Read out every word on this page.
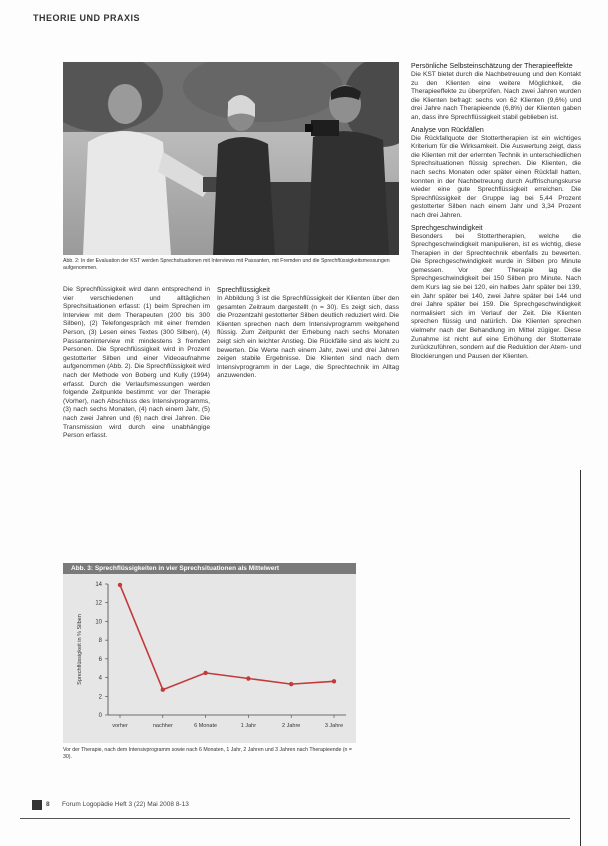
THEORIE UND PRAXIS
Abb. 2: In der Evaluation der KST werden Sprechsituationen mit Interviews mit Passanten, mit Fremden und die Sprechflüssigkeitsmessungen aufgenommen.

Die Sprechflüssigkeit wird dann entsprechend in vier verschiedenen und alltäglichen Sprechsituationen erfasst: (1) beim Sprechen im Interview mit dem Therapeuten (200 bis 300 Silben), (2) Telefongespräch mit einer fremden Person, (3) Lesen eines Textes (300 Silben), (4) Passanteninterview mit mindestens 3 fremden Personen. Die Sprechflüssigkeit wird in Prozent gestotterter Silben und einer Videoaufnahme aufgenommen (Abb. 2). Die Sprechflüssigkeit wird nach der Methode von Boberg und Kully (1994) erfasst. Durch die Verlaufsmessungen werden folgende Zeitpunkte bestimmt: vor der Therapie (Vorher), nach Abschluss des Intensivprogramms, (3) nach sechs Monaten, (4) nach einem Jahr, (5) nach zwei Jahren und (6) nach drei Jahren. Die Transmission wird durch eine unabhängige Person erfasst.

Sprechflüssigkeit

In Abbildung 3 ist die Sprechflüssigkeit der Klienten über den gesamten Zeitraum dargestellt (n = 30). Es zeigt sich, dass die Prozentzahl gestotterter Silben deutlich reduziert wird. Die Klienten sprechen nach dem Intensivprogramm weitgehend flüssig. Zum Zeitpunkt der Erhebung nach sechs Monaten zeigt sich ein leichter Anstieg. Die Rückfälle sind als leicht zu bewerten. Die Werte nach einem Jahr, zwei und drei Jahren zeigen stabile Ergebnisse. Die Klienten sind nach dem Intensivprogramm in der Lage, die Sprechtechnik im Alltag anzuwenden.

Persönliche Selbsteinschätzung der Therapieeffekte

Die KST bietet durch die Nachbetreuung und den Kontakt zu den Klienten eine weitere Möglichkeit, die Therapieeffekte zu überprüfen. Nach zwei Jahren wurden die Klienten befragt: sechs von 62 Klienten (9,6%) und drei Jahre nach Therapieende (6,8%) der Klienten gaben an, dass ihre Sprechflüssigkeit stabil geblieben ist.

Analyse von Rückfällen

Die Rückfallquote der Stottertherapien ist ein wichtiges Kriterium für die Wirksamkeit. Die Auswertung zeigt, dass die Klienten mit der erlernten Technik in unterschiedlichen Sprechsituationen flüssig sprechen. Die Klienten, die nach sechs Monaten oder später einen Rückfall hatten, konnten in der Nachbetreuung durch Auffrischungskurse wieder eine gute Sprechflüssigkeit erreichen. Die Sprechflüssigkeit der Gruppe lag bei 5,44 Prozent gestotterter Silben nach einem Jahr und 3,34 Prozent nach drei Jahren.

Sprechgeschwindigkeit

Besonders bei Stottertherapien, welche die Sprechgeschwindigkeit manipulieren, ist es wichtig, diese Therapien in der Sprechtechnik ebenfalls zu bewerten. Die Sprechgeschwindigkeit wurde in Silben pro Minute gemessen. Vor der Therapie lag die Sprechgeschwindigkeit bei 150 Silben pro Minute. Nach dem Kurs lag sie bei 120, ein halbes Jahr später bei 139, ein Jahr später bei 140, zwei Jahre später bei 144 und drei Jahre später bei 159. Die Sprechgeschwindigkeit normalisiert sich im Verlauf der Zeit. Die Klienten sprechen flüssig und natürlich. Die Klienten sprechen vielmehr nach der Behandlung im Mittel zügiger. Diese Zunahme ist nicht auf eine Erhöhung der Stotterrate zurückzuführen, sondern auf die Reduktion der Atem- und Blockierungen und Pausen der Klienten.

Abb. 3: Sprechflüssigkeiten in vier Sprechsituationen als Mittelwert
0
2
4
6
8
10
12
14
vorher	nachher	6 Monate	1 Jahr	2 Jahre	3 Jahre
Sprechflüssigkeit in % Silben
Vor der Therapie, nach dem Intensivprogramm sowie nach 6 Monaten, 1 Jahr, 2 Jahren und 3 Jahren nach Therapieende (n = 30).
8 Forum Logopädie Heft 3 (22) Mai 2008 8-13
